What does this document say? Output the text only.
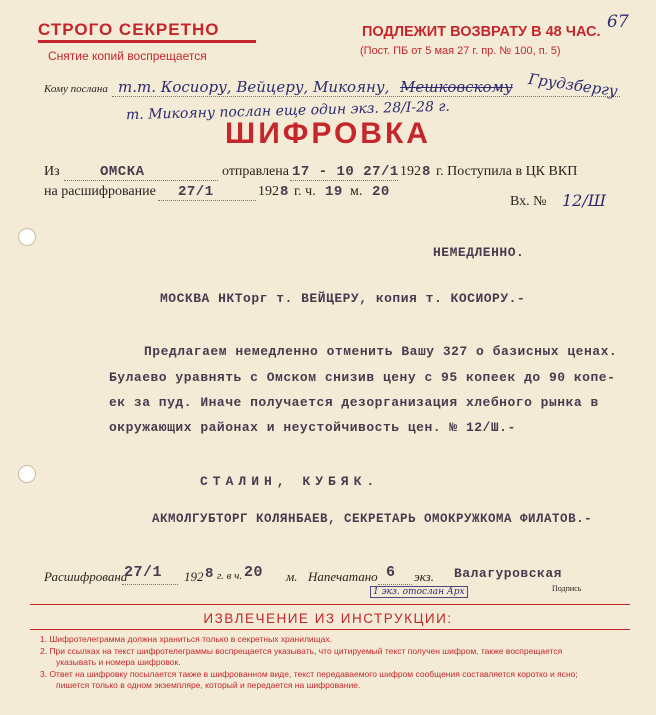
СТРОГО СЕКРЕТНО
Снятие копий воспрещается
ПОДЛЕЖИТ ВОЗВРАТУ В 48 ЧАС.
(Пост. ПБ от 5 мая 27 г. пр. № 100, п. 5)
67
Кому послана т.т. Косиору, Вейцеру, Микояну, Мешковскому Грудзбергу
т. Микояну послан еще один экз. 28/I-28 г.
ШИФРОВКА
Из	ОМСКА	отправлена 17 - 10 27/1 192 8 г. Поступила в ЦК ВКП
на расшифрование 27/1	192 8 г. ч. 19 м. 20
Вх. № 12/Ш
НЕМЕДЛЕННО.
МОСКВА НКТорг т. ВЕЙЦЕРУ, копия т. КОСИОРУ.-
Предлагаем немедленно отменить Вашу 327 о базисных ценах.
Булаево уравнять с Омском снизив цену с 95 копеек до 90 копе-
ек за пуд. Иначе получается дезорганизация хлебного рынка в
окружающих районах и неустойчивость цен. № 12/Ш.-
СТАЛИН, КУБЯК.
АКМОЛГУБТОРГ КОЛЯНБАЕВ, СЕКРЕТАРЬ ОМОКРУЖКОМА ФИЛАТОВ.-
Расшифрована
27/1 192 8 г. в ч. 20 м. Напечатано 6 экз.
1 экз. отослан Арх
Валагуровская
Подпись
ИЗВЛЕЧЕНИЕ ИЗ ИНСТРУКЦИИ:
1. Шифротелеграмма должна храниться только в секретных хранилищах.
2. При ссылках на текст шифротелеграммы воспрещается указывать, что цитируемый текст получен шифром, также воспрещается
указывать и номера шифровок.
3. Ответ на шифровку посылается также в шифрованном виде, текст передаваемого шифром сообщения составляется коротко и ясно;
пишется только в одном экземпляре, который и передается на шифрование.
